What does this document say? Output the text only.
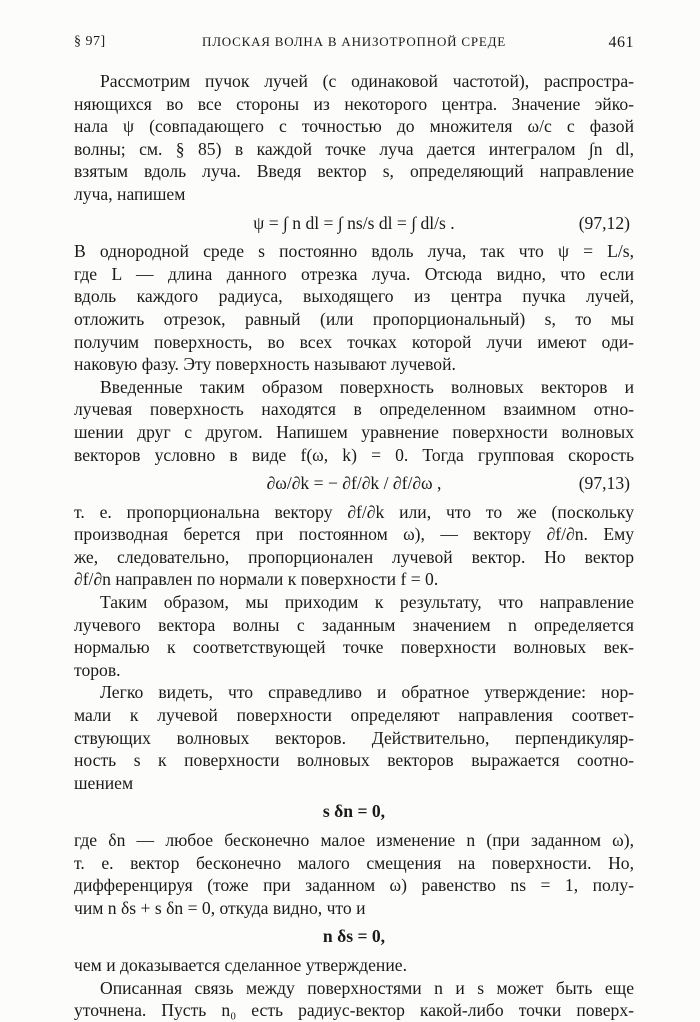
§ 97]	ПЛОСКАЯ ВОЛНА В АНИЗОТРОПНОЙ СРЕДЕ	461
Рассмотрим пучок лучей (с одинаковой частотой), распростра-
няющихся во все стороны из некоторого центра. Значение эйко-
нала ψ (совпадающего с точностью до множителя ω/c с фазой
волны; см. § 85) в каждой точке луча дается интегралом ∫n dl,
взятым вдоль луча. Введя вектор s, определяющий направление
луча, напишем
ψ = ∫ n dl = ∫ ns/s dl = ∫ dl/s .	(97,12)
В однородной среде s постоянно вдоль луча, так что ψ = L/s,
где L — длина данного отрезка луча. Отсюда видно, что если
вдоль каждого радиуса, выходящего из центра пучка лучей,
отложить отрезок, равный (или пропорциональный) s, то мы
получим поверхность, во всех точках которой лучи имеют оди-
наковую фазу. Эту поверхность называют лучевой.
Введенные таким образом поверхность волновых векторов и
лучевая поверхность находятся в определенном взаимном отно-
шении друг с другом. Напишем уравнение поверхности волновых
векторов условно в виде f(ω, k) = 0. Тогда групповая скорость
∂ω/∂k = − ∂f/∂k / ∂f/∂ω ,	(97,13)
т. е. пропорциональна вектору ∂f/∂k или, что то же (поскольку
производная берется при постоянном ω), — вектору ∂f/∂n. Ему
же, следовательно, пропорционален лучевой вектор. Но вектор
∂f/∂n направлен по нормали к поверхности f = 0.
Таким образом, мы приходим к результату, что направление
лучевого вектора волны с заданным значением n определяется
нормалью к соответствующей точке поверхности волновых век-
торов.
Легко видеть, что справедливо и обратное утверждение: нор-
мали к лучевой поверхности определяют направления соответ-
ствующих волновых векторов. Действительно, перпендикуляр-
ность s к поверхности волновых векторов выражается соотно-
шением
s δn = 0,
где δn — любое бесконечно малое изменение n (при заданном ω),
т. е. вектор бесконечно малого смещения на поверхности. Но,
дифференцируя (тоже при заданном ω) равенство ns = 1, полу-
чим n δs + s δn = 0, откуда видно, что и
n δs = 0,
чем и доказывается сделанное утверждение.
Описанная связь между поверхностями n и s может быть еще
уточнена. Пусть n₀ есть радиус-вектор какой-либо точки поверх-
